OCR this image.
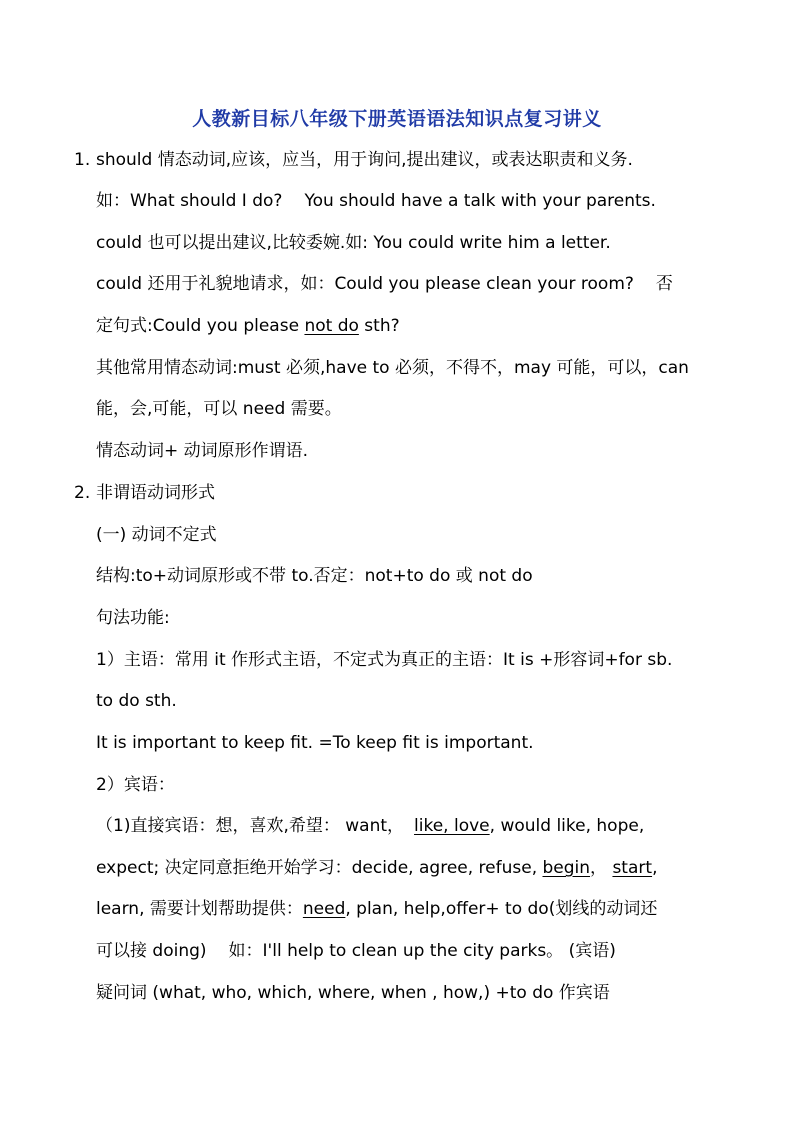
人教新目标八年级下册英语语法知识点复习讲义
1. should 情态动词,应该，应当，用于询问,提出建议，或表达职责和义务.
如：What should I do? You should have a talk with your parents.
could 也可以提出建议,比较委婉.如: You could write him a letter.
could 还用于礼貌地请求，如：Could you please clean your room? 否
定句式:Could you please not do sth?
其他常用情态动词:must 必须,have to 必须，不得不，may 可能，可以，can
能，会,可能，可以 need 需要。
情态动词+ 动词原形作谓语.
2. 非谓语动词形式
(一) 动词不定式
结构:to+动词原形或不带 to.否定：not+to do 或 not do
句法功能:
1）主语：常用 it 作形式主语，不定式为真正的主语：It is +形容词+for sb.
to do sth.
It is important to keep fit. =To keep fit is important.
2）宾语：
（1)直接宾语：想，喜欢,希望： want， like, love, would like, hope,
expect; 决定同意拒绝开始学习：decide, agree, refuse, begin， start,
learn, 需要计划帮助提供：need, plan, help,offer+ to do(划线的动词还
可以接 doing) 如：I'll help to clean up the city parks。 (宾语)
疑问词 (what, who, which, where, when , how,) +to do 作宾语
